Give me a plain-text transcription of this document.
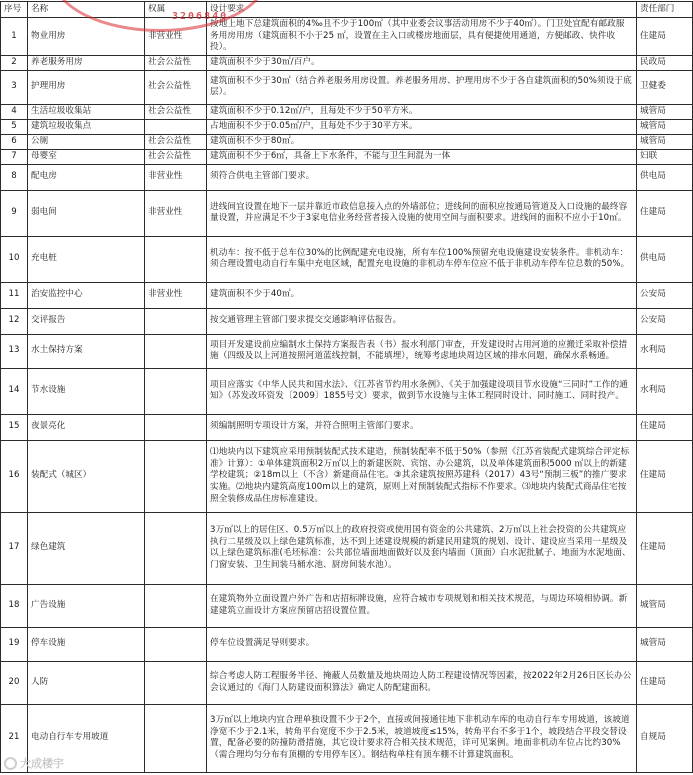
序号	名称	权属	设计要求	责任部门
1	物业用房	非营业性	按地上地下总建筑面积的4‰且不少于100㎡（其中业委会议事活动用房不少于40㎡）。门卫处宜配有邮政服务用房用房（建筑面积不小于25 ㎡，设置在主入口或楼房地面层，具有便捷使用通道，方便邮政、快件收投）。	住建局
2	养老服务用房	社会公益性	建筑面积不少于30㎡/百户。	民政局
3	护理用房	社会公益性	建筑面积不少于30㎡（结合养老服务用房设置。养老服务用房、护理用房不少于各自建筑面积的50%须设于底层）。	卫健委
4	生活垃圾收集站	社会公益性	建筑面积不少于0.12㎡/户，且每处不少于50平方米。	城管局
5	建筑垃圾收集点		占地面积不少于0.05㎡/户，且每处不少于30平方米。	城管局
6	公厕	社会公益性	建筑面积不少于80㎡。	城管局
7	母婴室	社会公益性	建筑面积不少于6㎡，具备上下水条件，不能与卫生间混为一体	妇联
8	配电房	非营业性	须符合供电主管部门要求。	供电局
9	弱电间	非营业性	进线间宜设置在地下一层并靠近市政信息接入点的外墙部位；进线间的面积应按通局管道及入口设施的最终容量设置，并应满足不少于3家电信业务经营者接入设施的使用空间与面积要求。进线间的面积不应小于10㎡。	住建局
10	充电桩		机动车：按不低于总车位30%的比例配建充电设施，所有车位100%预留充电设施建设安装条件。非机动车：须合理设置电动自行车集中充电区域，配置充电设施的非机动车停车位应不低于非机动车停车位总数的50%。	供电局
11	治安监控中心	非营业性	建筑面积不少于40㎡。	公安局
12	交评报告		按交通管理主管部门要求提交交通影响评估报告。	公安局
13	水土保持方案		项目开发建设前应编制水土保持方案报告表（书）报水利部门审查，开发建设时占用河道的应搬迁采取补偿措施（四级及以上河道按照河道蓝线控制，不能填埋），统筹考虑地块周边区域的排水问题，确保水系畅通。	水利局
14	节水设施		项目应落实《中华人民共和国水法》、《江苏省节约用水条例》、《关于加强建设项目节水设施“三同时”工作的通知》（苏发改环资发〔2009〕1855号文）要求，做到节水设施与主体工程同时设计、同时施工、同时投产。	水利局
15	夜景亮化		须编制照明专项设计方案，并符合照明主管部门要求。	住建局
16	装配式（城区）		⑴地块内以下建筑应采用预制装配式技术建造，预制装配率不低于50%（参照《江苏省装配式建筑综合评定标准》计算）：①单体建筑面积2万㎡以上的新建医院、宾馆、办公建筑，以及单体建筑面积5000 ㎡以上的新建学校建筑；②18m以上（不含）新建商品住宅。③其余建筑按照苏建科（2017）43号“预制三板”的推广要求实施。⑵地块内建筑高度100m以上的建筑，原则上对预制装配式指标不作要求。⑶地块内装配式商品住宅按照全装修成品住房标准建设。	住建局
17	绿色建筑		3万㎡以上的居住区、0.5万㎡以上的政府投资或使用国有资金的公共建筑、2万㎡以上社会投资的公共建筑应执行二星级及以上绿色建筑标准，达不到上述建设规模的新建民用建筑的规划、设计、建设应当采用一星级及以上绿色建筑标准(毛坯标准：公共部位墙面地面做好以及套内墙面（顶面）白水泥批腻子、地面为水泥地面、门窗安装、卫生间装马桶水池、厨房间装水池）。	住建局
18	广告设施		在建筑物外立面设置户外广告和店招标牌设施，应符合城市专项规划和相关技术规范，与周边环境相协调。新建建筑立面设计方案应预留店招设置位置。	城管局
19	停车设施		停车位设置满足导则要求。	城管局
20	人防		综合考虑人防工程服务半径、掩蔽人员数量及地块周边人防工程建设情况等因素，按2022年2月26日区长办公会议通过的《海门人防建设面积算法》确定人防配建面积。	住建局
21	电动自行车专用坡道		3万㎡以上地块内宜合理单独设置不少于2个，直接或间接通往地下非机动车库的电动自行车专用坡道，该坡道净宽不少于2.1米，转角平台宽度不少于2.5米，坡道坡度≤15%，转角平台不多于1个，坡段结合平段交替设置，配备必要的防撞防滑措施，其它设计要求符合相关技术规范，详可见案例。地面非机动车位占比约30%（需合理均匀分布有顶棚的专用停车区）。钢结构单柱有顶车棚不计算建筑面积。	自规局
3206840
大成楼宇
